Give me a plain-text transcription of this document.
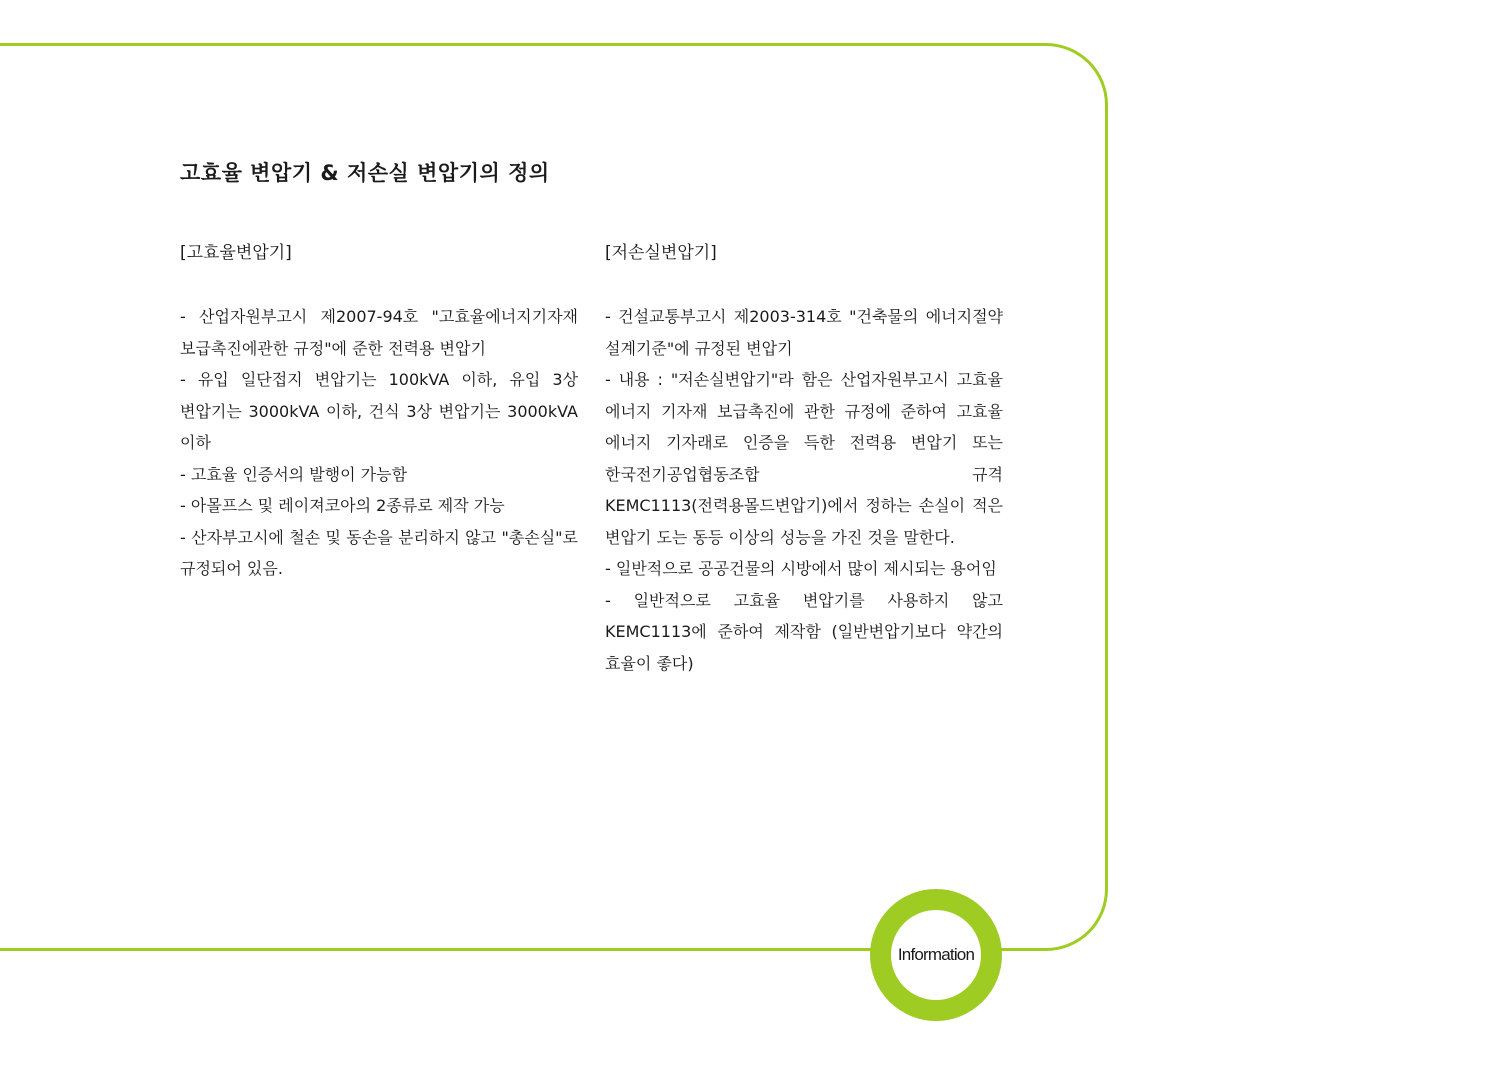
고효율 변압기 & 저손실 변압기의 정의
[고효율변압기]
- 산업자원부고시 제2007-94호 "고효율에너지기자재 보급촉진에관한 규정"에 준한 전력용 변압기
- 유입 일단접지 변압기는 100kVA 이하, 유입 3상 변압기는 3000kVA 이하, 건식 3상 변압기는 3000kVA 이하
- 고효율 인증서의 발행이 가능함
- 아몰프스 및 레이져코아의 2종류로 제작 가능
- 산자부고시에 철손 및 동손을 분리하지 않고 "총손실"로 규정되어 있음.
[저손실변압기]
- 건설교통부고시 제2003-314호 "건축물의 에너지절약 설계기준"에 규정된 변압기
- 내용 : "저손실변압기"라 함은 산업자원부고시 고효율 에너지 기자재 보급촉진에 관한 규정에 준하여 고효율 에너지 기자래로 인증을 득한 전력용 변압기 또는 한국전기공업협동조합 규격 KEMC1113(전력용몰드변압기)에서 정하는 손실이 적은 변압기 도는 동등 이상의 성능을 가진 것을 말한다.
- 일반적으로 공공건물의 시방에서 많이 제시되는 용어임
- 일반적으로 고효율 변압기를 사용하지 않고 KEMC1113에 준하여 제작함 (일반변압기보다 약간의 효율이 좋다)
Information
